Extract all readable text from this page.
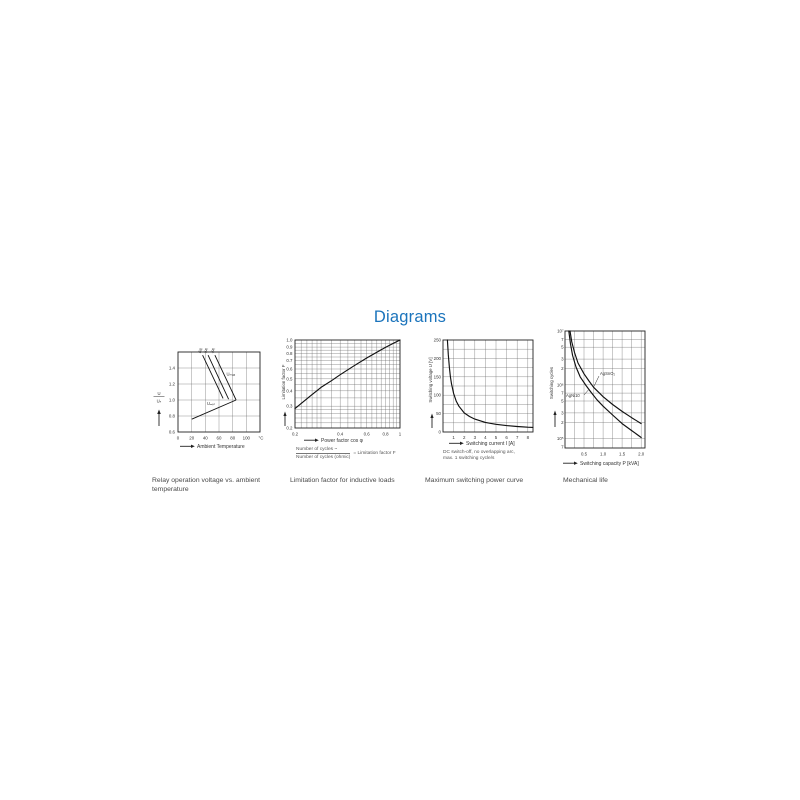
Diagrams
8A
5A 3A
Uₘₐₓ
Uₘᵢₙ
1.4
1.2
1.0
0.8
0.6
0 20 40 60 80 100 °C
U
Uₙ
Ambient Temperature
1.0
0.9
0.8
0.7
0.6
0.5
0.4
0.3
0.2
0.2	0.4	0.6	0.8 1
Limitation factor F
Power factor cos φ
$\frac{\text{Number of cycles \textasciitilde{}}}{\text{Number of cycles (ohmic)}}$ = Limitation factor F
250
200
150
100
50
0
1 2 3 4 5 6 7 8
Switching voltage U [V]
Switching current I [A]
DC switch-off, no overlapping arc,
max. 1 switching cycle/s
AgSnO₂
AgNi10
10⁷
7
5
3
2
10⁶
7
5
3
2
10⁵
7
0.5	1.0	1.5	2.0
Switching cycles
Switching capacity P [kVA]
Relay operation voltage vs. ambient temperature
Limitation factor for inductive loads	Maximum switching power curve	Mechanical life
